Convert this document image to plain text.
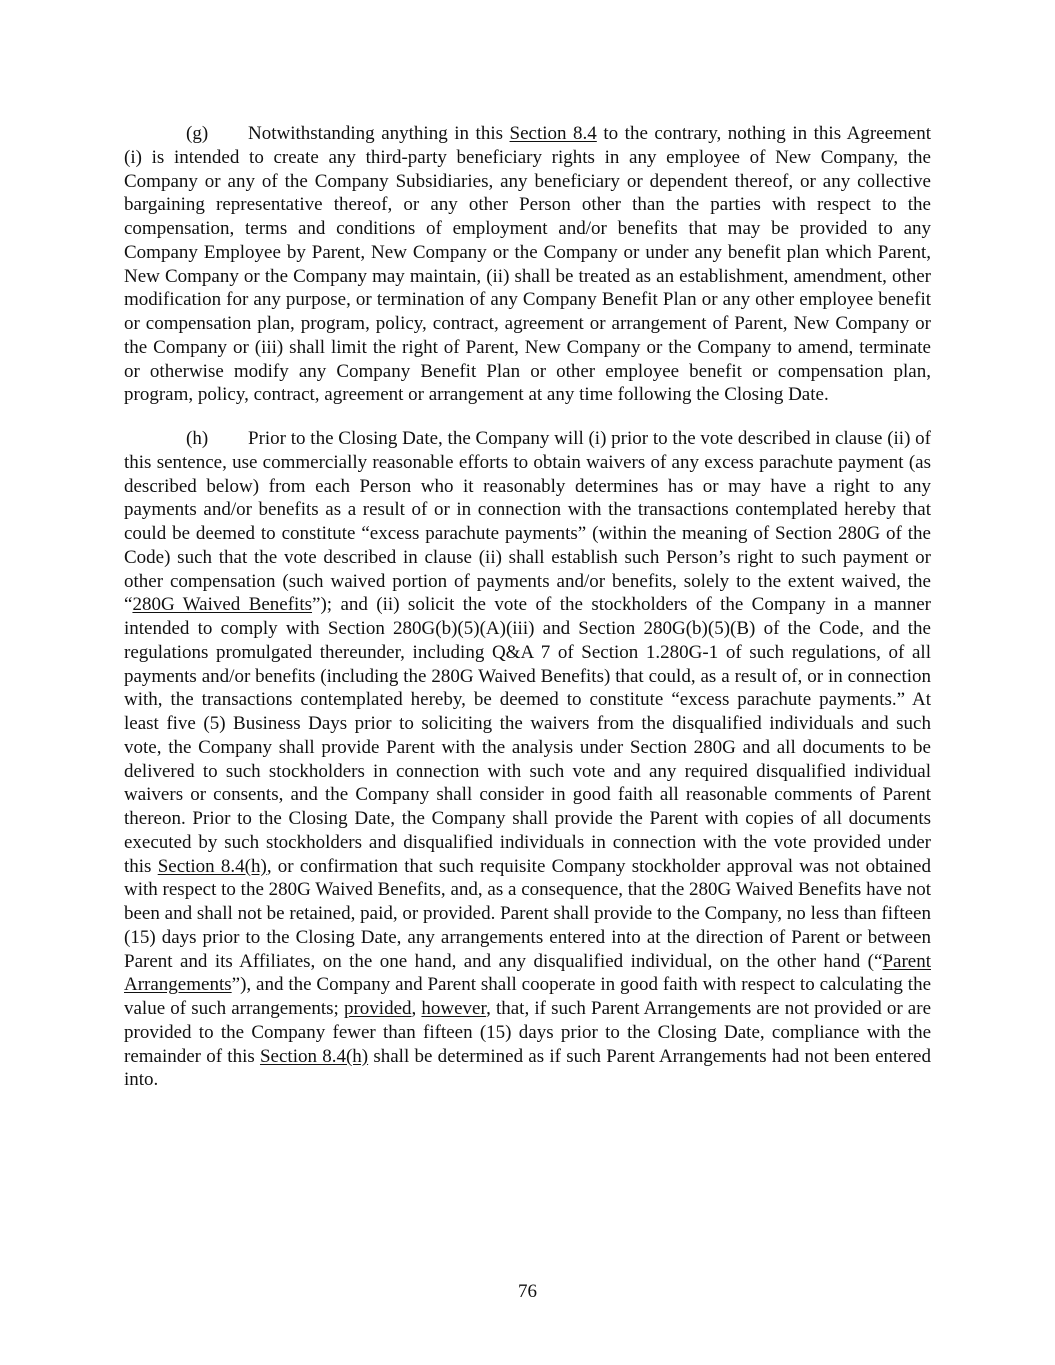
(g) Notwithstanding anything in this Section 8.4 to the contrary, nothing in this Agreement (i) is intended to create any third-party beneficiary rights in any employee of New Company, the Company or any of the Company Subsidiaries, any beneficiary or dependent thereof, or any collective bargaining representative thereof, or any other Person other than the parties with respect to the compensation, terms and conditions of employment and/or benefits that may be provided to any Company Employee by Parent, New Company or the Company or under any benefit plan which Parent, New Company or the Company may maintain, (ii) shall be treated as an establishment, amendment, other modification for any purpose, or termination of any Company Benefit Plan or any other employee benefit or compensation plan, program, policy, contract, agreement or arrangement of Parent, New Company or the Company or (iii) shall limit the right of Parent, New Company or the Company to amend, terminate or otherwise modify any Company Benefit Plan or other employee benefit or compensation plan, program, policy, contract, agreement or arrangement at any time following the Closing Date.

(h) Prior to the Closing Date, the Company will (i) prior to the vote described in clause (ii) of this sentence, use commercially reasonable efforts to obtain waivers of any excess parachute payment (as described below) from each Person who it reasonably determines has or may have a right to any payments and/or benefits as a result of or in connection with the transactions contemplated hereby that could be deemed to constitute “excess parachute payments” (within the meaning of Section 280G of the Code) such that the vote described in clause (ii) shall establish such Person’s right to such payment or other compensation (such waived portion of payments and/or benefits, solely to the extent waived, the “280G Waived Benefits”); and (ii) solicit the vote of the stockholders of the Company in a manner intended to comply with Section 280G(b)(5)(A)(iii) and Section 280G(b)(5)(B) of the Code, and the regulations promulgated thereunder, including Q&A 7 of Section 1.280G-1 of such regulations, of all payments and/or benefits (including the 280G Waived Benefits) that could, as a result of, or in connection with, the transactions contemplated hereby, be deemed to constitute “excess parachute payments.” At least five (5) Business Days prior to soliciting the waivers from the disqualified individuals and such vote, the Company shall provide Parent with the analysis under Section 280G and all documents to be delivered to such stockholders in connection with such vote and any required disqualified individual waivers or consents, and the Company shall consider in good faith all reasonable comments of Parent thereon. Prior to the Closing Date, the Company shall provide the Parent with copies of all documents executed by such stockholders and disqualified individuals in connection with the vote provided under this Section 8.4(h), or confirmation that such requisite Company stockholder approval was not obtained with respect to the 280G Waived Benefits, and, as a consequence, that the 280G Waived Benefits have not been and shall not be retained, paid, or provided. Parent shall provide to the Company, no less than fifteen (15) days prior to the Closing Date, any arrangements entered into at the direction of Parent or between Parent and its Affiliates, on the one hand, and any disqualified individual, on the other hand (“Parent Arrangements”), and the Company and Parent shall cooperate in good faith with respect to calculating the value of such arrangements; provided, however, that, if such Parent Arrangements are not provided or are provided to the Company fewer than fifteen (15) days prior to the Closing Date, compliance with the remainder of this Section 8.4(h) shall be determined as if such Parent Arrangements had not been entered into.

76
